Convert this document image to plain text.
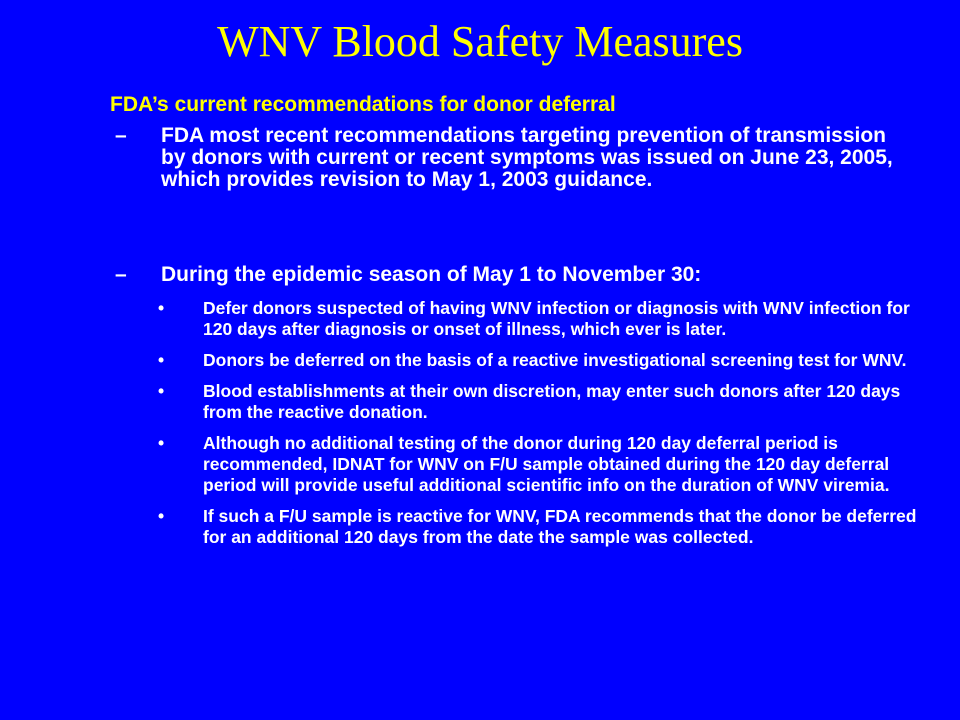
WNV Blood Safety Measures
FDA’s current recommendations for donor deferral
– FDA most recent recommendations targeting prevention of transmission by donors with current or recent symptoms was issued on June 23, 2005, which provides revision to May 1, 2003 guidance.
– During the epidemic season of May 1 to November 30:
• Defer donors suspected of having WNV infection or diagnosis with WNV infection for 120 days after diagnosis or onset of illness, which ever is later.
• Donors be deferred on the basis of a reactive investigational screening test for WNV.
• Blood establishments at their own discretion, may enter such donors after 120 days from the reactive donation.
• Although no additional testing of the donor during 120 day deferral period is recommended, IDNAT for WNV on F/U sample obtained during the 120 day deferral period will provide useful additional scientific info on the duration of WNV viremia.
• If such a F/U sample is reactive for WNV, FDA recommends that the donor be deferred for an additional 120 days from the date the sample was collected.
